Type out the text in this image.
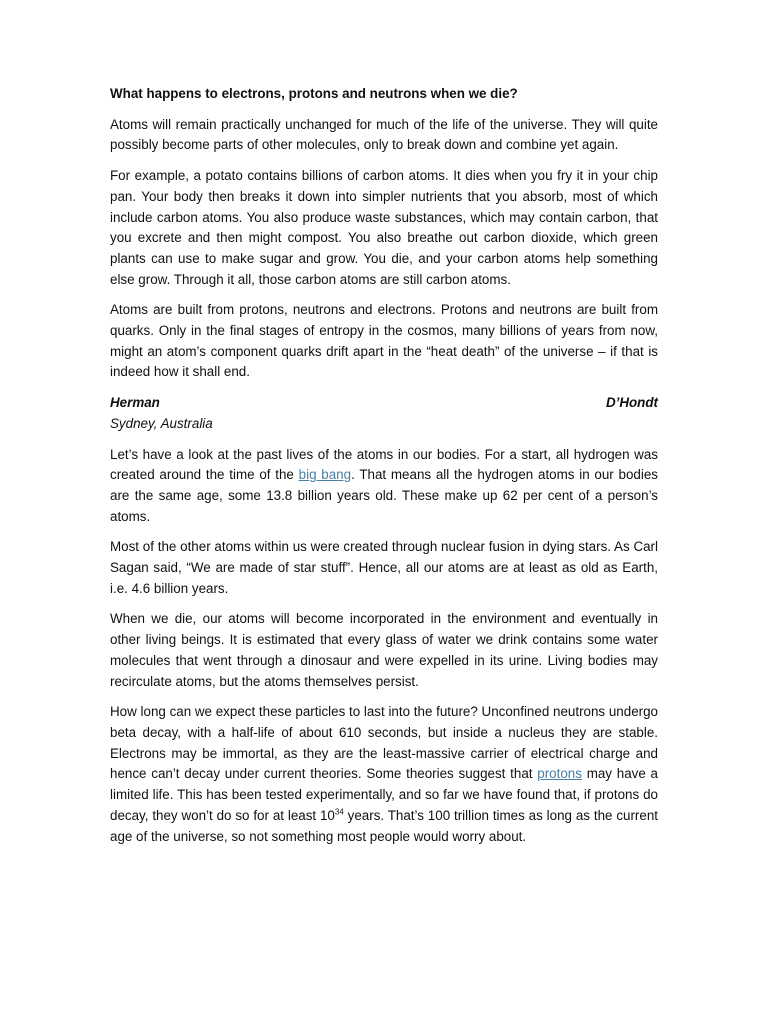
What happens to electrons, protons and neutrons when we die?

Atoms will remain practically unchanged for much of the life of the universe. They will quite possibly become parts of other molecules, only to break down and combine yet again.

For example, a potato contains billions of carbon atoms. It dies when you fry it in your chip pan. Your body then breaks it down into simpler nutrients that you absorb, most of which include carbon atoms. You also produce waste substances, which may contain carbon, that you excrete and then might compost. You also breathe out carbon dioxide, which green plants can use to make sugar and grow. You die, and your carbon atoms help something else grow. Through it all, those carbon atoms are still carbon atoms.

Atoms are built from protons, neutrons and electrons. Protons and neutrons are built from quarks. Only in the final stages of entropy in the cosmos, many billions of years from now, might an atom’s component quarks drift apart in the “heat death” of the universe – if that is indeed how it shall end.

Herman	D’Hondt
Sydney, Australia

Let’s have a look at the past lives of the atoms in our bodies. For a start, all hydrogen was created around the time of the big bang. That means all the hydrogen atoms in our bodies are the same age, some 13.8 billion years old. These make up 62 per cent of a person’s atoms.

Most of the other atoms within us were created through nuclear fusion in dying stars. As Carl Sagan said, “We are made of star stuff”. Hence, all our atoms are at least as old as Earth, i.e. 4.6 billion years.

When we die, our atoms will become incorporated in the environment and eventually in other living beings. It is estimated that every glass of water we drink contains some water molecules that went through a dinosaur and were expelled in its urine. Living bodies may recirculate atoms, but the atoms themselves persist.

How long can we expect these particles to last into the future? Unconfined neutrons undergo beta decay, with a half-life of about 610 seconds, but inside a nucleus they are stable. Electrons may be immortal, as they are the least-massive carrier of electrical charge and hence can’t decay under current theories. Some theories suggest that protons may have a limited life. This has been tested experimentally, and so far we have found that, if protons do decay, they won’t do so for at least $10^{34}$ years. That’s 100 trillion times as long as the current age of the universe, so not something most people would worry about.
